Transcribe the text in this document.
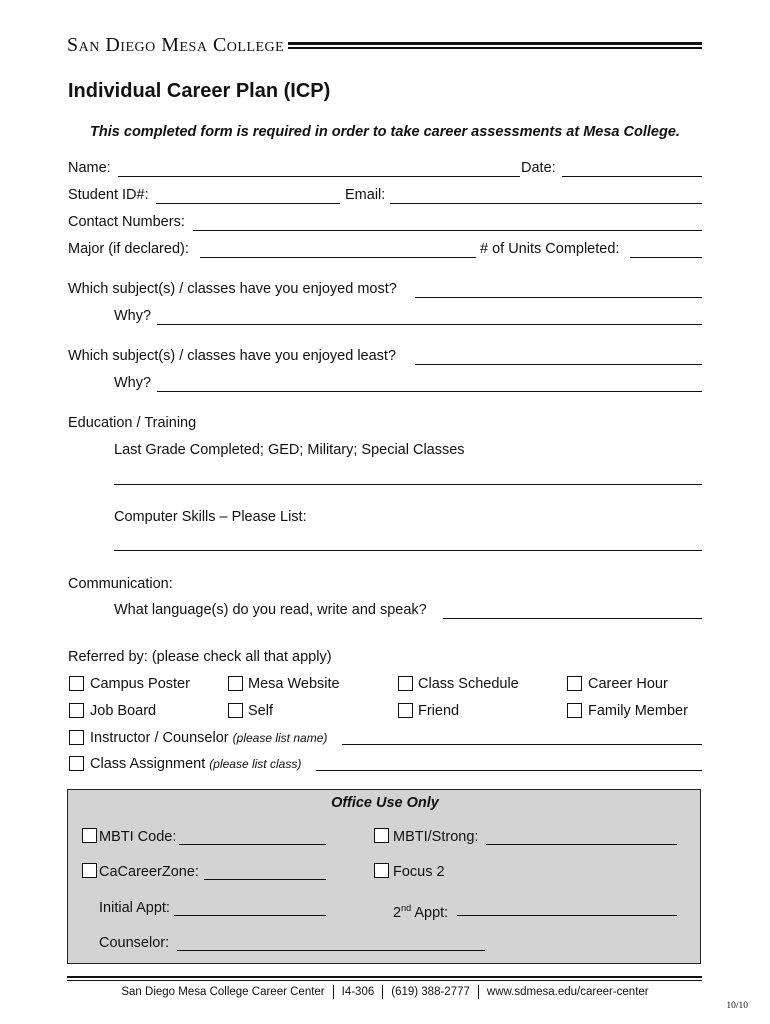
San Diego Mesa College
Individual Career Plan (ICP)
This completed form is required in order to take career assessments at Mesa College.
Name:	Date:
Student ID#:	Email:
Contact Numbers:
Major (if declared):	# of Units Completed:
Which subject(s) / classes have you enjoyed most?
Why?
Which subject(s) / classes have you enjoyed least?
Why?
Education / Training
Last Grade Completed; GED; Military; Special Classes
Computer Skills – Please List:
Communication:
What language(s) do you read, write and speak?
Referred by: (please check all that apply)
Campus Poster	Mesa Website	Class Schedule	Career Hour
Job Board	Self	Friend	Family Member
Instructor / Counselor (please list name)
Class Assignment (please list class)
Office Use Only
MBTI Code:	MBTI/Strong:
CaCareerZone:	Focus 2
Initial Appt:	2nd Appt:
Counselor:
San Diego Mesa College Career Center I4-306 (619) 388-2777 www.sdmesa.edu/career-center
10/10
